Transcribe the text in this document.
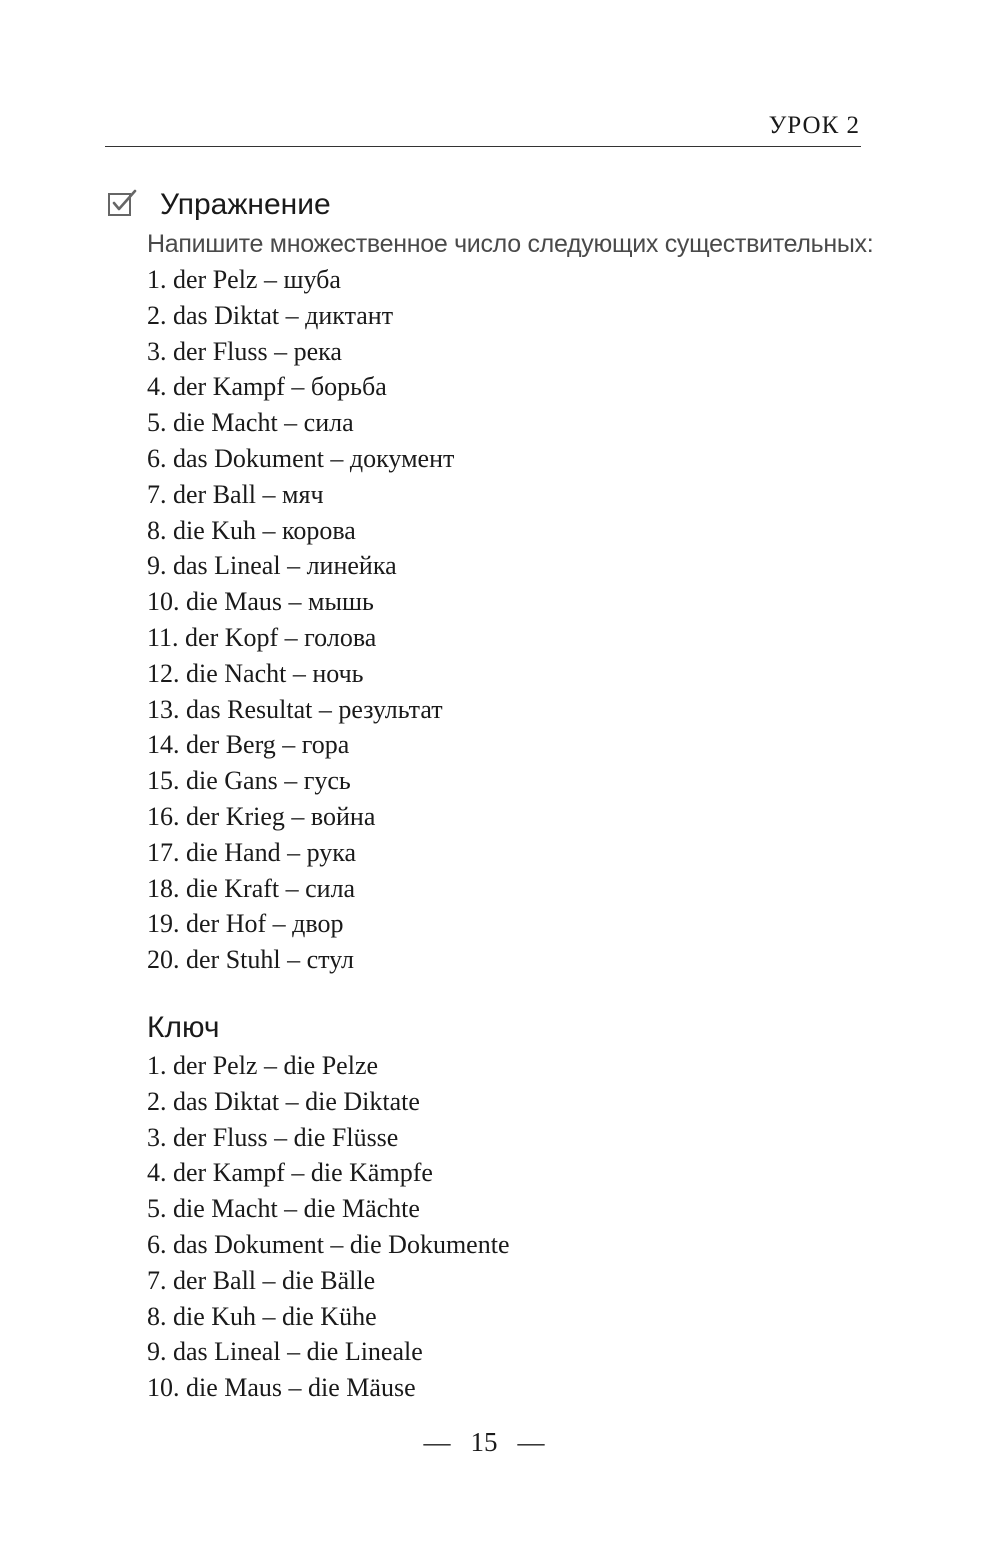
УРОК 2
Упражнение
Напишите множественное число следующих существительных:
1. der Pelz – шуба
2. das Diktat – диктант
3. der Fluss – река
4. der Kampf – борьба
5. die Macht – сила
6. das Dokument – документ
7. der Ball – мяч
8. die Kuh – корова
9. das Lineal – линейка
10. die Maus – мышь
11. der Kopf – голова
12. die Nacht – ночь
13. das Resultat – результат
14. der Berg – гора
15. die Gans – гусь
16. der Krieg – война
17. die Hand – рука
18. die Kraft – сила
19. der Hof – двор
20. der Stuhl – стул
Ключ
1. der Pelz – die Pelze
2. das Diktat – die Diktate
3. der Fluss – die Flüsse
4. der Kampf – die Kämpfe
5. die Macht – die Mächte
6. das Dokument – die Dokumente
7. der Ball – die Bälle
8. die Kuh – die Kühe
9. das Lineal – die Lineale
10. die Maus – die Mäuse
— 15 —
